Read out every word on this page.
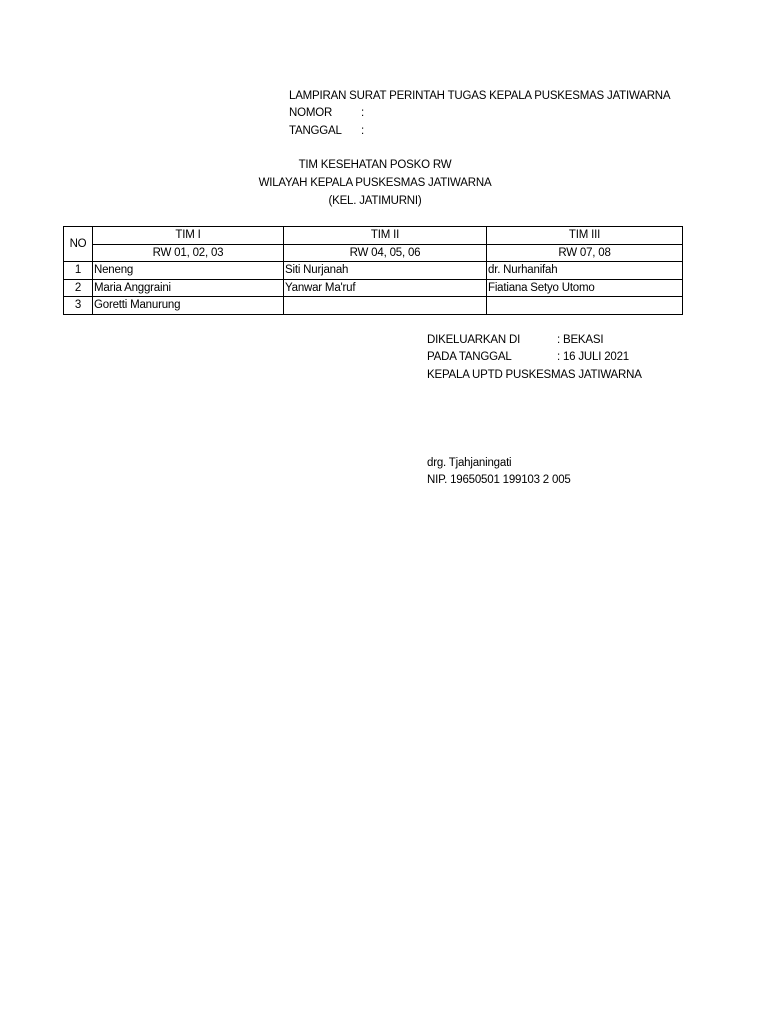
LAMPIRAN SURAT PERINTAH TUGAS KEPALA PUSKESMAS JATIWARNA
NOMOR	:
TANGGAL :
TIM KESEHATAN POSKO RW
WILAYAH KEPALA PUSKESMAS JATIWARNA
(KEL. JATIMURNI)
NO	TIM I	TIM II	TIM III
	RW 01, 02, 03	RW 04, 05, 06	RW 07, 08
1	Neneng	Siti Nurjanah	dr. Nurhanifah
2	Maria Anggraini	Yanwar Ma'ruf	Fiatiana Setyo Utomo
3	Goretti Manurung		
DIKELUARKAN DI	: BEKASI
PADA TANGGAL	: 16 JULI 2021
KEPALA UPTD PUSKESMAS JATIWARNA
drg. Tjahjaningati
NIP. 19650501 199103 2 005
